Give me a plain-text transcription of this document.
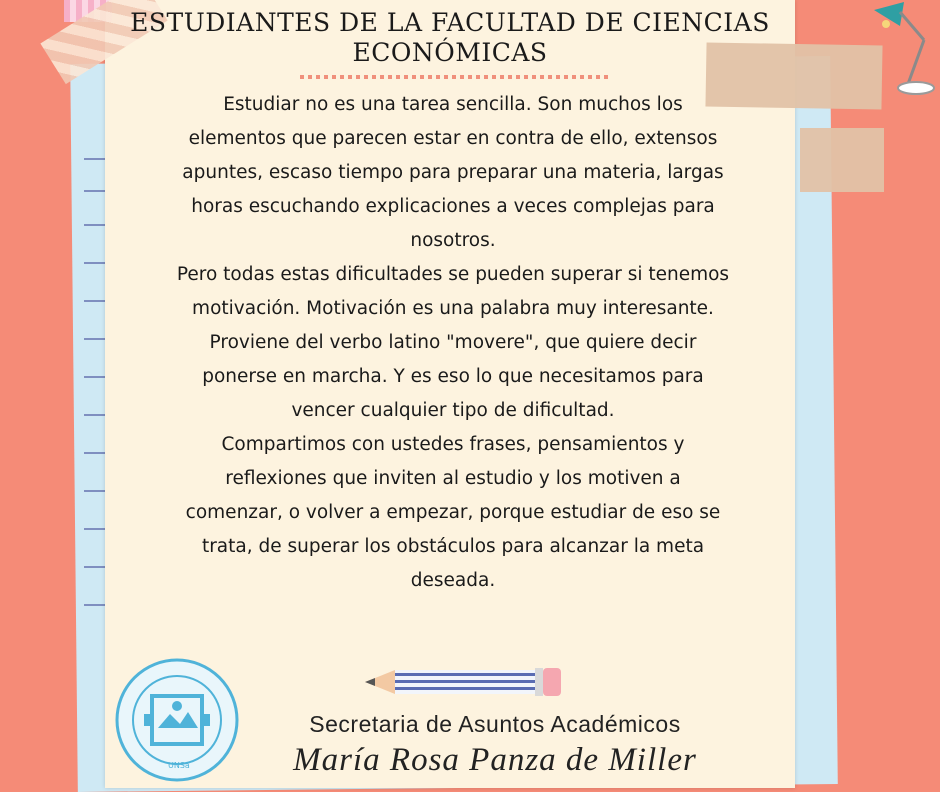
ESTUDIANTES DE LA FACULTAD DE CIENCIAS ECONÓMICAS

Estudiar no es una tarea sencilla. Son muchos los elementos que parecen estar en contra de ello, extensos apuntes, escaso tiempo para preparar una materia, largas horas escuchando explicaciones a veces complejas para nosotros.

Pero todas estas dificultades se pueden superar si tenemos motivación. Motivación es una palabra muy interesante. Proviene del verbo latino "movere", que quiere decir ponerse en marcha. Y es eso lo que necesitamos para vencer cualquier tipo de dificultad.

Compartimos con ustedes frases, pensamientos y reflexiones que inviten al estudio y los motiven a comenzar, o volver a empezar, porque estudiar de eso se trata, de superar los obstáculos para alcanzar la meta deseada.

UNSa
Secretaria de Asuntos Académicos
María Rosa Panza de Miller
